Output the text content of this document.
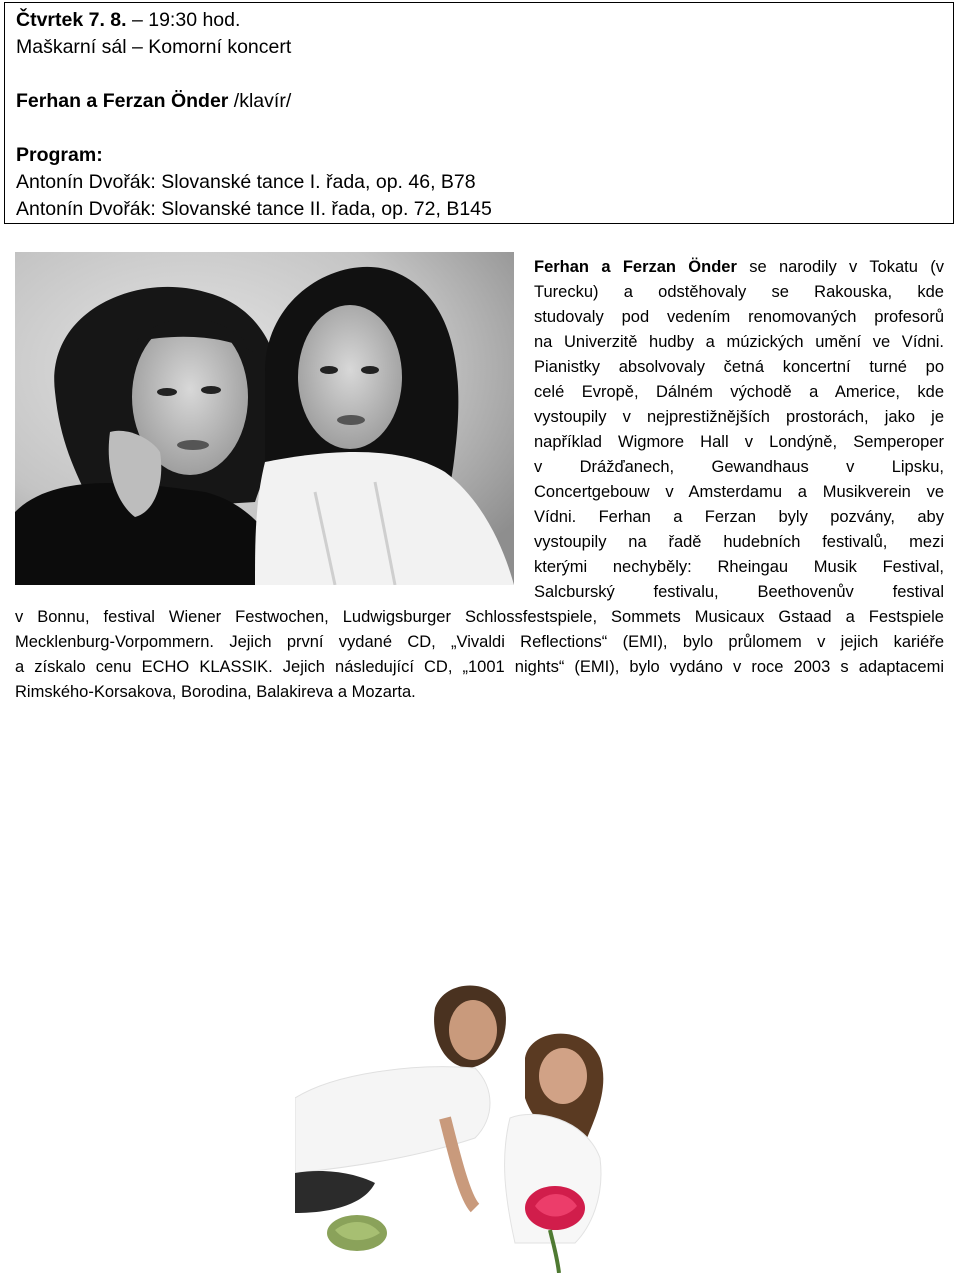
Čtvrtek 7. 8. – 19:30 hod.
Maškarní sál – Komorní koncert
Ferhan a Ferzan Önder /klavír/
Program:
Antonín Dvořák: Slovanské tance I. řada, op. 46, B78
Antonín Dvořák: Slovanské tance II. řada, op. 72, B145
Ferhan a Ferzan Önder se narodily v Tokatu (v
Turecku) a odstěhovaly se Rakouska, kde
studovaly pod vedením renomovaných profesorů
na Univerzitě hudby a múzických umění ve Vídni.
Pianistky absolvovaly četná koncertní turné po
celé Evropě, Dálném východě a Americe, kde
vystoupily v nejprestižnějších prostorách, jako je
například Wigmore Hall v Londýně, Semperoper
v Drážďanech, Gewandhaus v Lipsku,
Concertgebouw v Amsterdamu a Musikverein ve
Vídni. Ferhan a Ferzan byly pozvány, aby
vystoupily na řadě hudebních festivalů, mezi
kterými nechyběly: Rheingau Musik Festival,
Salcburský festivalu, Beethovenův festival
v Bonnu, festival Wiener Festwochen, Ludwigsburger Schlossfestspiele, Sommets Musicaux Gstaad a Festspiele
Mecklenburg-Vorpommern. Jejich první vydané CD, „Vivaldi Reflections“ (EMI), bylo průlomem v jejich kariéře
a získalo cenu ECHO KLASSIK. Jejich následující CD, „1001 nights“ (EMI), bylo vydáno v roce 2003 s adaptacemi
Rimského-Korsakova, Borodina, Balakireva a Mozarta.
